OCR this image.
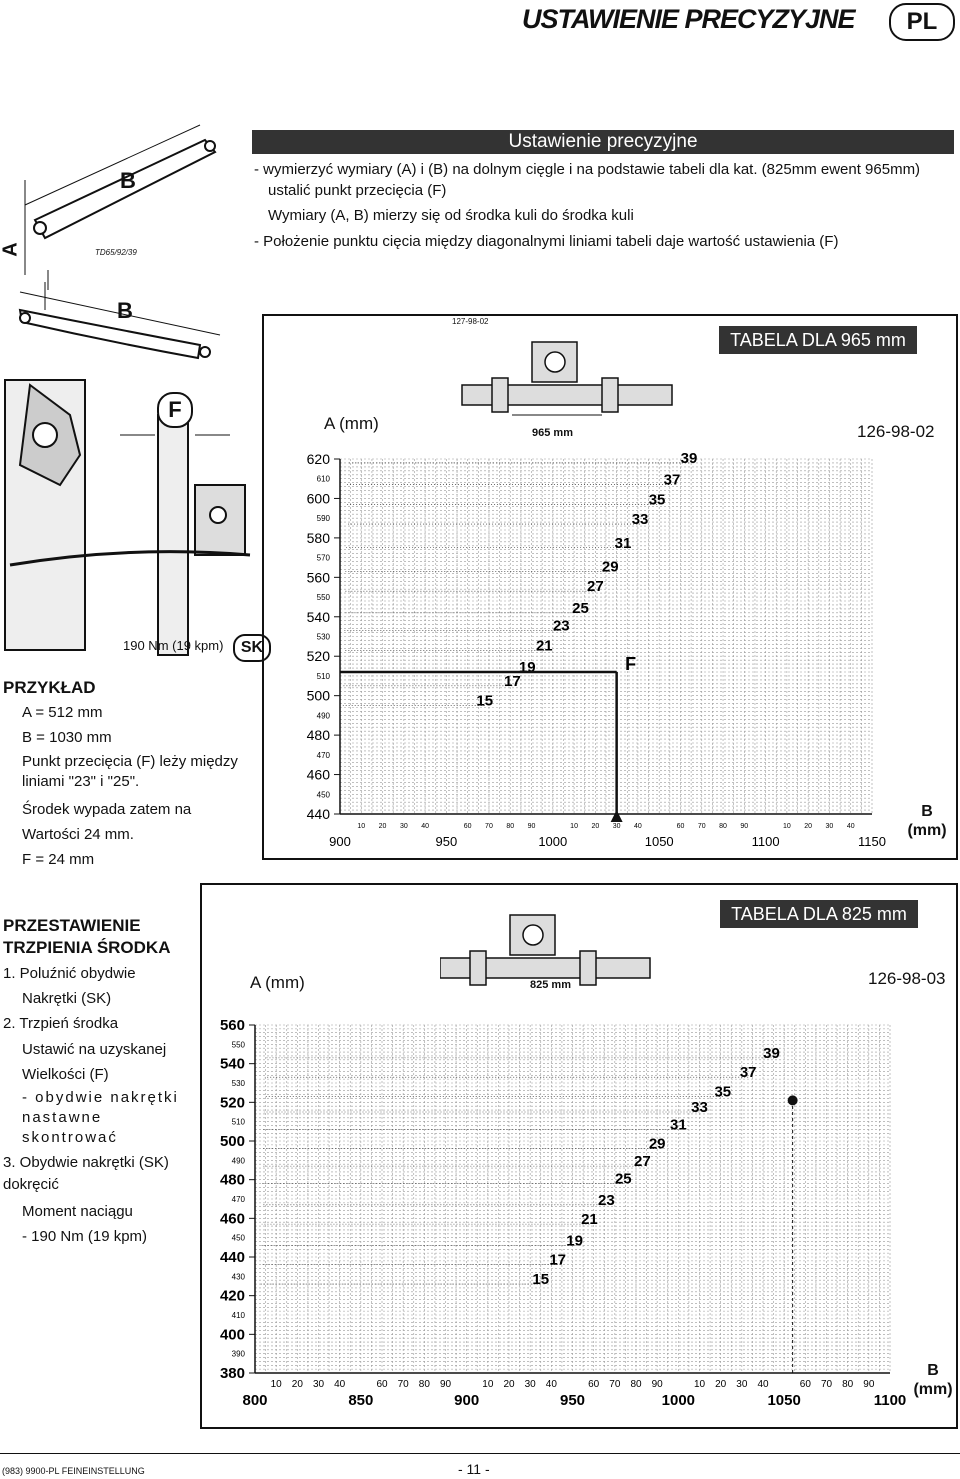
USTAWIENIE PRECYZYJNE	PL
B
A	TD65/92/39
B
Ustawienie precyzyjne
- wymierzyć wymiary (A) i (B) na dolnym cięgle i na podstawie tabeli dla kat. (825mm ewent 965mm)
ustalić punkt przecięcia (F)
Wymiary (A, B) mierzy się od środka kuli do środka kuli
- Położenie punktu cięcia między diagonalnymi liniami tabeli daje wartość ustawienia (F)
F
SK
190 Nm (19 kpm)
PRZYKŁAD
A = 512 mm
B = 1030 mm
Punkt przecięcia (F) leży między liniami "23" i "25".
Środek wypada zatem na
Wartości 24 mm.
F = 24 mm
PRZESTAWIENIE TRZPIENIA ŚRODKA
1. Poluźnić obydwie
Nakrętki (SK)
2. Trzpień środka
Ustawić na uzyskanej
Wielkości (F)
- obydwie nakrętki nastawne skontrować
3. Obydwie nakrętki (SK) dokręcić
Moment naciągu
- 190 Nm (19 kpm)
127-98-02
TABELA DLA 965 mm
126-98-02
A (mm)
B (mm)
965 mm
620
600
580
560
540
520
500
480
460
440
610
590
570
550
530
510
490
470
450
900	950	1000	1050	1100	1150
10 20 30 40	60 70 80 90	10 20 30 40	60 70 80 90	10 20 30 40
15
17
19
21
23
25
27
29
31
33
35
37
39
F
TABELA DLA 825 mm
126-98-03
A (mm)
B (mm)
825 mm
560
540
520
500
480
460
440
420
400
380
550
530
510
490
470
450
430
410
390
800	850	900	950	1000	1050	1100
10 20 30 40	60 70 80 90	10 20 30 40	60 70 80 90	10 20 30 40	60 70 80 90
15
17
19
21
23
25
27
29
31
33
35
37
39
(983) 9900-PL FEINEINSTELLUNG	- 11 -
